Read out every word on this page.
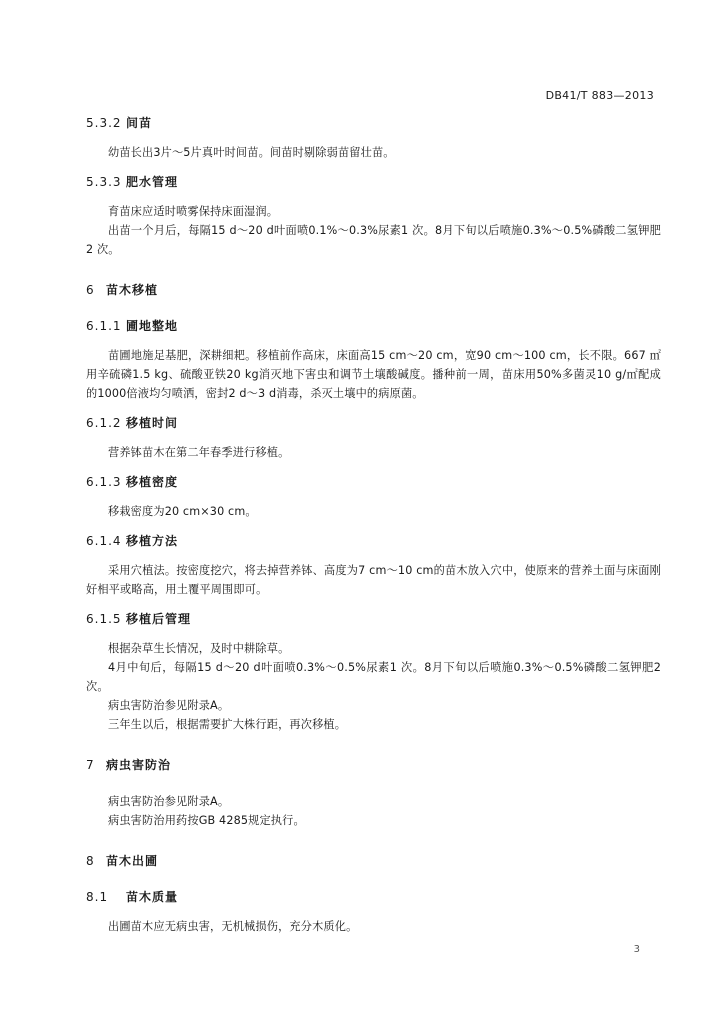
DB41/T 883—2013
5.3.2 间苗

幼苗长出3片～5片真叶时间苗。间苗时剔除弱苗留壮苗。

5.3.3 肥水管理

育苗床应适时喷雾保持床面湿润。

出苗一个月后，每隔15 d～20 d叶面喷0.1%～0.3%尿素1 次。8月下旬以后喷施0.3%～0.5%磷酸二氢钾肥2 次。

6 苗木移植
6.1.1 圃地整地

苗圃地施足基肥，深耕细耙。移植前作高床，床面高15 cm～20 cm，宽90 cm～100 cm，长不限。667 ㎡用辛硫磷1.5 kg、硫酸亚铁20 kg消灭地下害虫和调节土壤酸碱度。播种前一周，苗床用50%多菌灵10 g/㎡配成的1000倍液均匀喷洒，密封2 d～3 d消毒，杀灭土壤中的病原菌。

6.1.2 移植时间

营养钵苗木在第二年春季进行移植。

6.1.3 移植密度

移栽密度为20 cm×30 cm。

6.1.4 移植方法

采用穴植法。按密度挖穴，将去掉营养钵、高度为7 cm～10 cm的苗木放入穴中，使原来的营养土面与床面刚好相平或略高，用土覆平周围即可。

6.1.5 移植后管理

根据杂草生长情况，及时中耕除草。

4月中旬后，每隔15 d～20 d叶面喷0.3%～0.5%尿素1 次。8月下旬以后喷施0.3%～0.5%磷酸二氢钾肥2 次。

病虫害防治参见附录A。

三年生以后，根据需要扩大株行距，再次移植。

7 病虫害防治

病虫害防治参见附录A。

病虫害防治用药按GB 4285规定执行。

8 苗木出圃
8.1	苗木质量

出圃苗木应无病虫害，无机械损伤，充分木质化。

3
